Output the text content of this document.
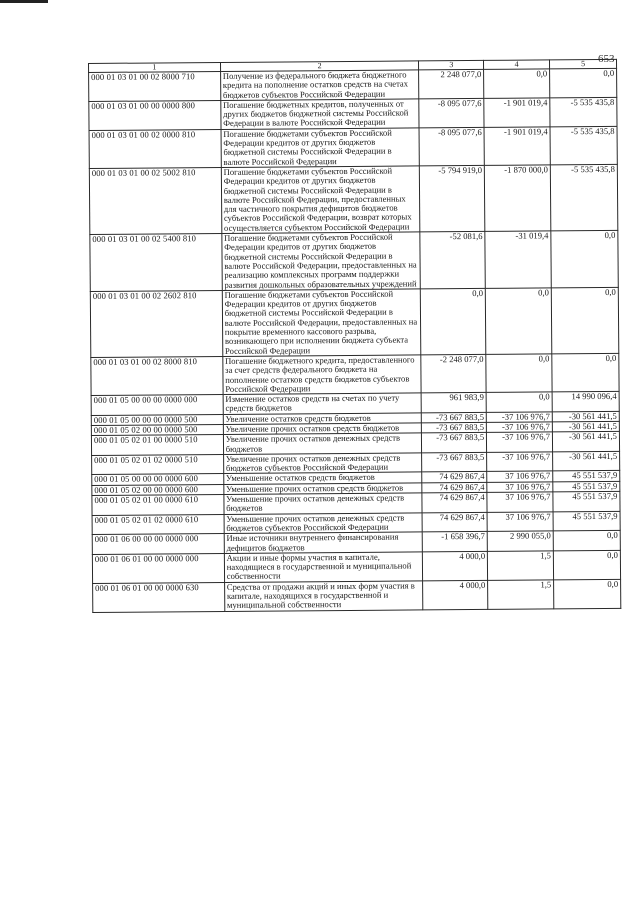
653
1	2	3	4	5
000 01 03 01 00 02 8000 710	Получение из федерального бюджета бюджетного кредита на пополнение остатков средств на счетах бюджетов субъектов Российской Федерации	2 248 077,0	0,0	0,0
000 01 03 01 00 00 0000 800	Погашение бюджетных кредитов, полученных от других бюджетов бюджетной системы Российской Федерации в валюте Российской Федерации	-8 095 077,6	-1 901 019,4	-5 535 435,8
000 01 03 01 00 02 0000 810	Погашение бюджетами субъектов Российской Федерации кредитов от других бюджетов бюджетной системы Российской Федерации в валюте Российской Федерации	-8 095 077,6	-1 901 019,4	-5 535 435,8
000 01 03 01 00 02 5002 810	Погашение бюджетами субъектов Российской Федерации кредитов от других бюджетов бюджетной системы Российской Федерации в валюте Российской Федерации, предоставленных для частичного покрытия дефицитов бюджетов субъектов Российской Федерации, возврат которых осуществляется субъектом Российской Федерации	-5 794 919,0	-1 870 000,0	-5 535 435,8
000 01 03 01 00 02 5400 810	Погашение бюджетами субъектов Российской Федерации кредитов от других бюджетов бюджетной системы Российской Федерации в валюте Российской Федерации, предоставленных на реализацию комплексных программ поддержки развития дошкольных образовательных учреждений	-52 081,6	-31 019,4	0,0
000 01 03 01 00 02 2602 810	Погашение бюджетами субъектов Российской Федерации кредитов от других бюджетов бюджетной системы Российской Федерации в валюте Российской Федерации, предоставленных на покрытие временного кассового разрыва, возникающего при исполнении бюджета субъекта Российской Федерации	0,0	0,0	0,0
000 01 03 01 00 02 8000 810	Погашение бюджетного кредита, предоставленного за счет средств федерального бюджета на пополнение остатков средств бюджетов субъектов Российской Федерации	-2 248 077,0	0,0	0,0
000 01 05 00 00 00 0000 000	Изменение остатков средств на счетах по учету средств бюджетов	961 983,9	0,0	14 990 096,4
000 01 05 00 00 00 0000 500	Увеличение остатков средств бюджетов	-73 667 883,5	-37 106 976,7	-30 561 441,5
000 01 05 02 00 00 0000 500	Увеличение прочих остатков средств бюджетов	-73 667 883,5	-37 106 976,7	-30 561 441,5
000 01 05 02 01 00 0000 510	Увеличение прочих остатков денежных средств бюджетов	-73 667 883,5	-37 106 976,7	-30 561 441,5
000 01 05 02 01 02 0000 510	Увеличение прочих остатков денежных средств бюджетов субъектов Российской Федерации	-73 667 883,5	-37 106 976,7	-30 561 441,5
000 01 05 00 00 00 0000 600	Уменьшение остатков средств бюджетов	74 629 867,4	37 106 976,7	45 551 537,9
000 01 05 02 00 00 0000 600	Уменьшение прочих остатков средств бюджетов	74 629 867,4	37 106 976,7	45 551 537,9
000 01 05 02 01 00 0000 610	Уменьшение прочих остатков денежных средств бюджетов	74 629 867,4	37 106 976,7	45 551 537,9
000 01 05 02 01 02 0000 610	Уменьшение прочих остатков денежных средств бюджетов субъектов Российской Федерации	74 629 867,4	37 106 976,7	45 551 537,9
000 01 06 00 00 00 0000 000	Иные источники внутреннего финансирования дефицитов бюджетов	-1 658 396,7	2 990 055,0	0,0
000 01 06 01 00 00 0000 000	Акции и иные формы участия в капитале, находящиеся в государственной и муниципальной собственности	4 000,0	1,5	0,0
000 01 06 01 00 00 0000 630	Средства от продажи акций и иных форм участия в капитале, находящихся в государственной и муниципальной собственности	4 000,0	1,5	0,0
